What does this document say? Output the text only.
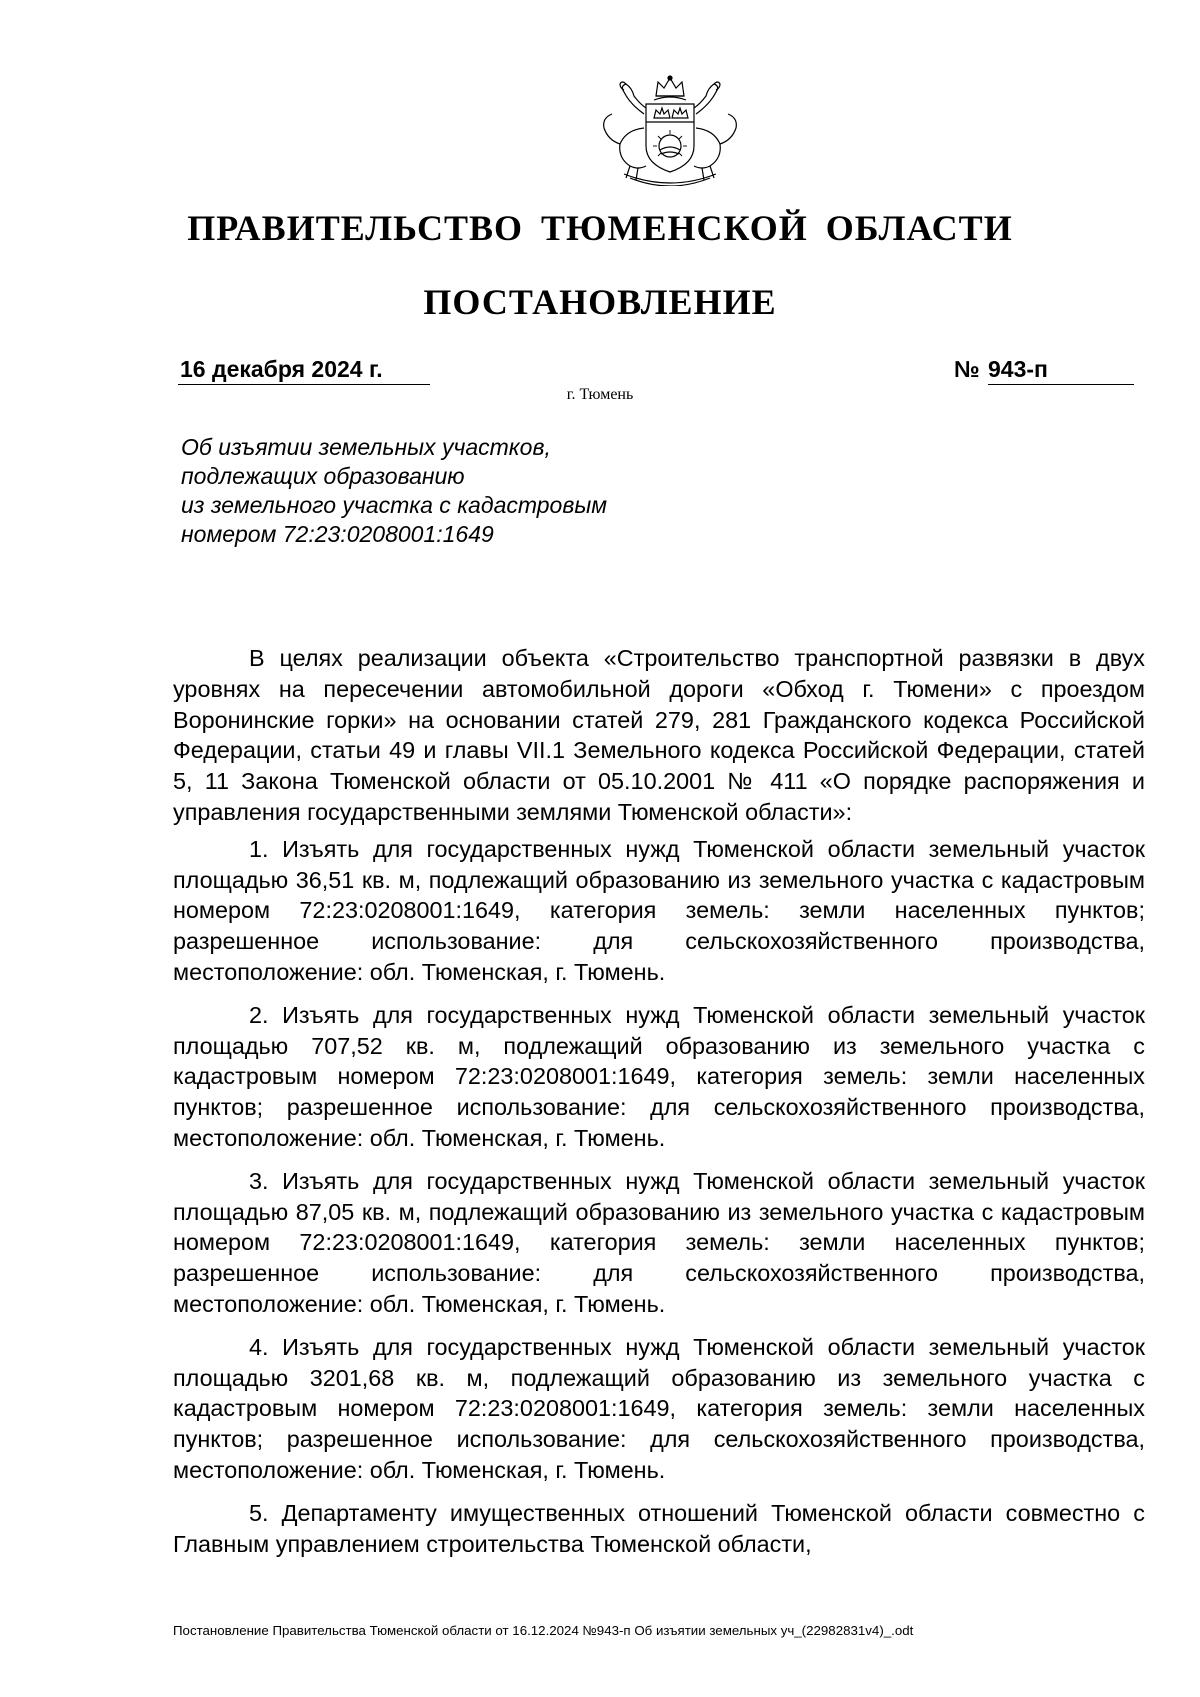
ПРАВИТЕЛЬСТВО ТЮМЕНСКОЙ ОБЛАСТИ
ПОСТАНОВЛЕНИЕ
16 декабря 2024 г.	№ 943-п
г. Тюмень
Об изъятии земельных участков,
подлежащих образованию
из земельного участка с кадастровым
номером 72:23:0208001:1649

В целях реализации объекта «Строительство транспортной развязки в двух уровнях на пересечении автомобильной дороги «Обход г. Тюмени» с проездом Воронинские горки» на основании статей 279, 281 Гражданского кодекса Российской Федерации, статьи 49 и главы VII.1 Земельного кодекса Российской Федерации, статей 5, 11 Закона Тюменской области от 05.10.2001 № 411 «О порядке распоряжения и управления государственными землями Тюменской области»:

1. Изъять для государственных нужд Тюменской области земельный участок площадью 36,51 кв. м, подлежащий образованию из земельного участка с кадастровым номером 72:23:0208001:1649, категория земель: земли населенных пунктов; разрешенное использование: для сельскохозяйственного производства, местоположение: обл. Тюменская, г. Тюмень.

2. Изъять для государственных нужд Тюменской области земельный участок площадью 707,52 кв. м, подлежащий образованию из земельного участка с кадастровым номером 72:23:0208001:1649, категория земель: земли населенных пунктов; разрешенное использование: для сельскохозяйственного производства, местоположение: обл. Тюменская, г. Тюмень.

3. Изъять для государственных нужд Тюменской области земельный участок площадью 87,05 кв. м, подлежащий образованию из земельного участка с кадастровым номером 72:23:0208001:1649, категория земель: земли населенных пунктов; разрешенное использование: для сельскохозяйственного производства, местоположение: обл. Тюменская, г. Тюмень.

4. Изъять для государственных нужд Тюменской области земельный участок площадью 3201,68 кв. м, подлежащий образованию из земельного участка с кадастровым номером 72:23:0208001:1649, категория земель: земли населенных пунктов; разрешенное использование: для сельскохозяйственного производства, местоположение: обл. Тюменская, г. Тюмень.

5. Департаменту имущественных отношений Тюменской области совместно с Главным управлением строительства Тюменской области,

Постановление Правительства Тюменской области от 16.12.2024 №943-п Об изъятии земельных уч_(22982831v4)_.odt
